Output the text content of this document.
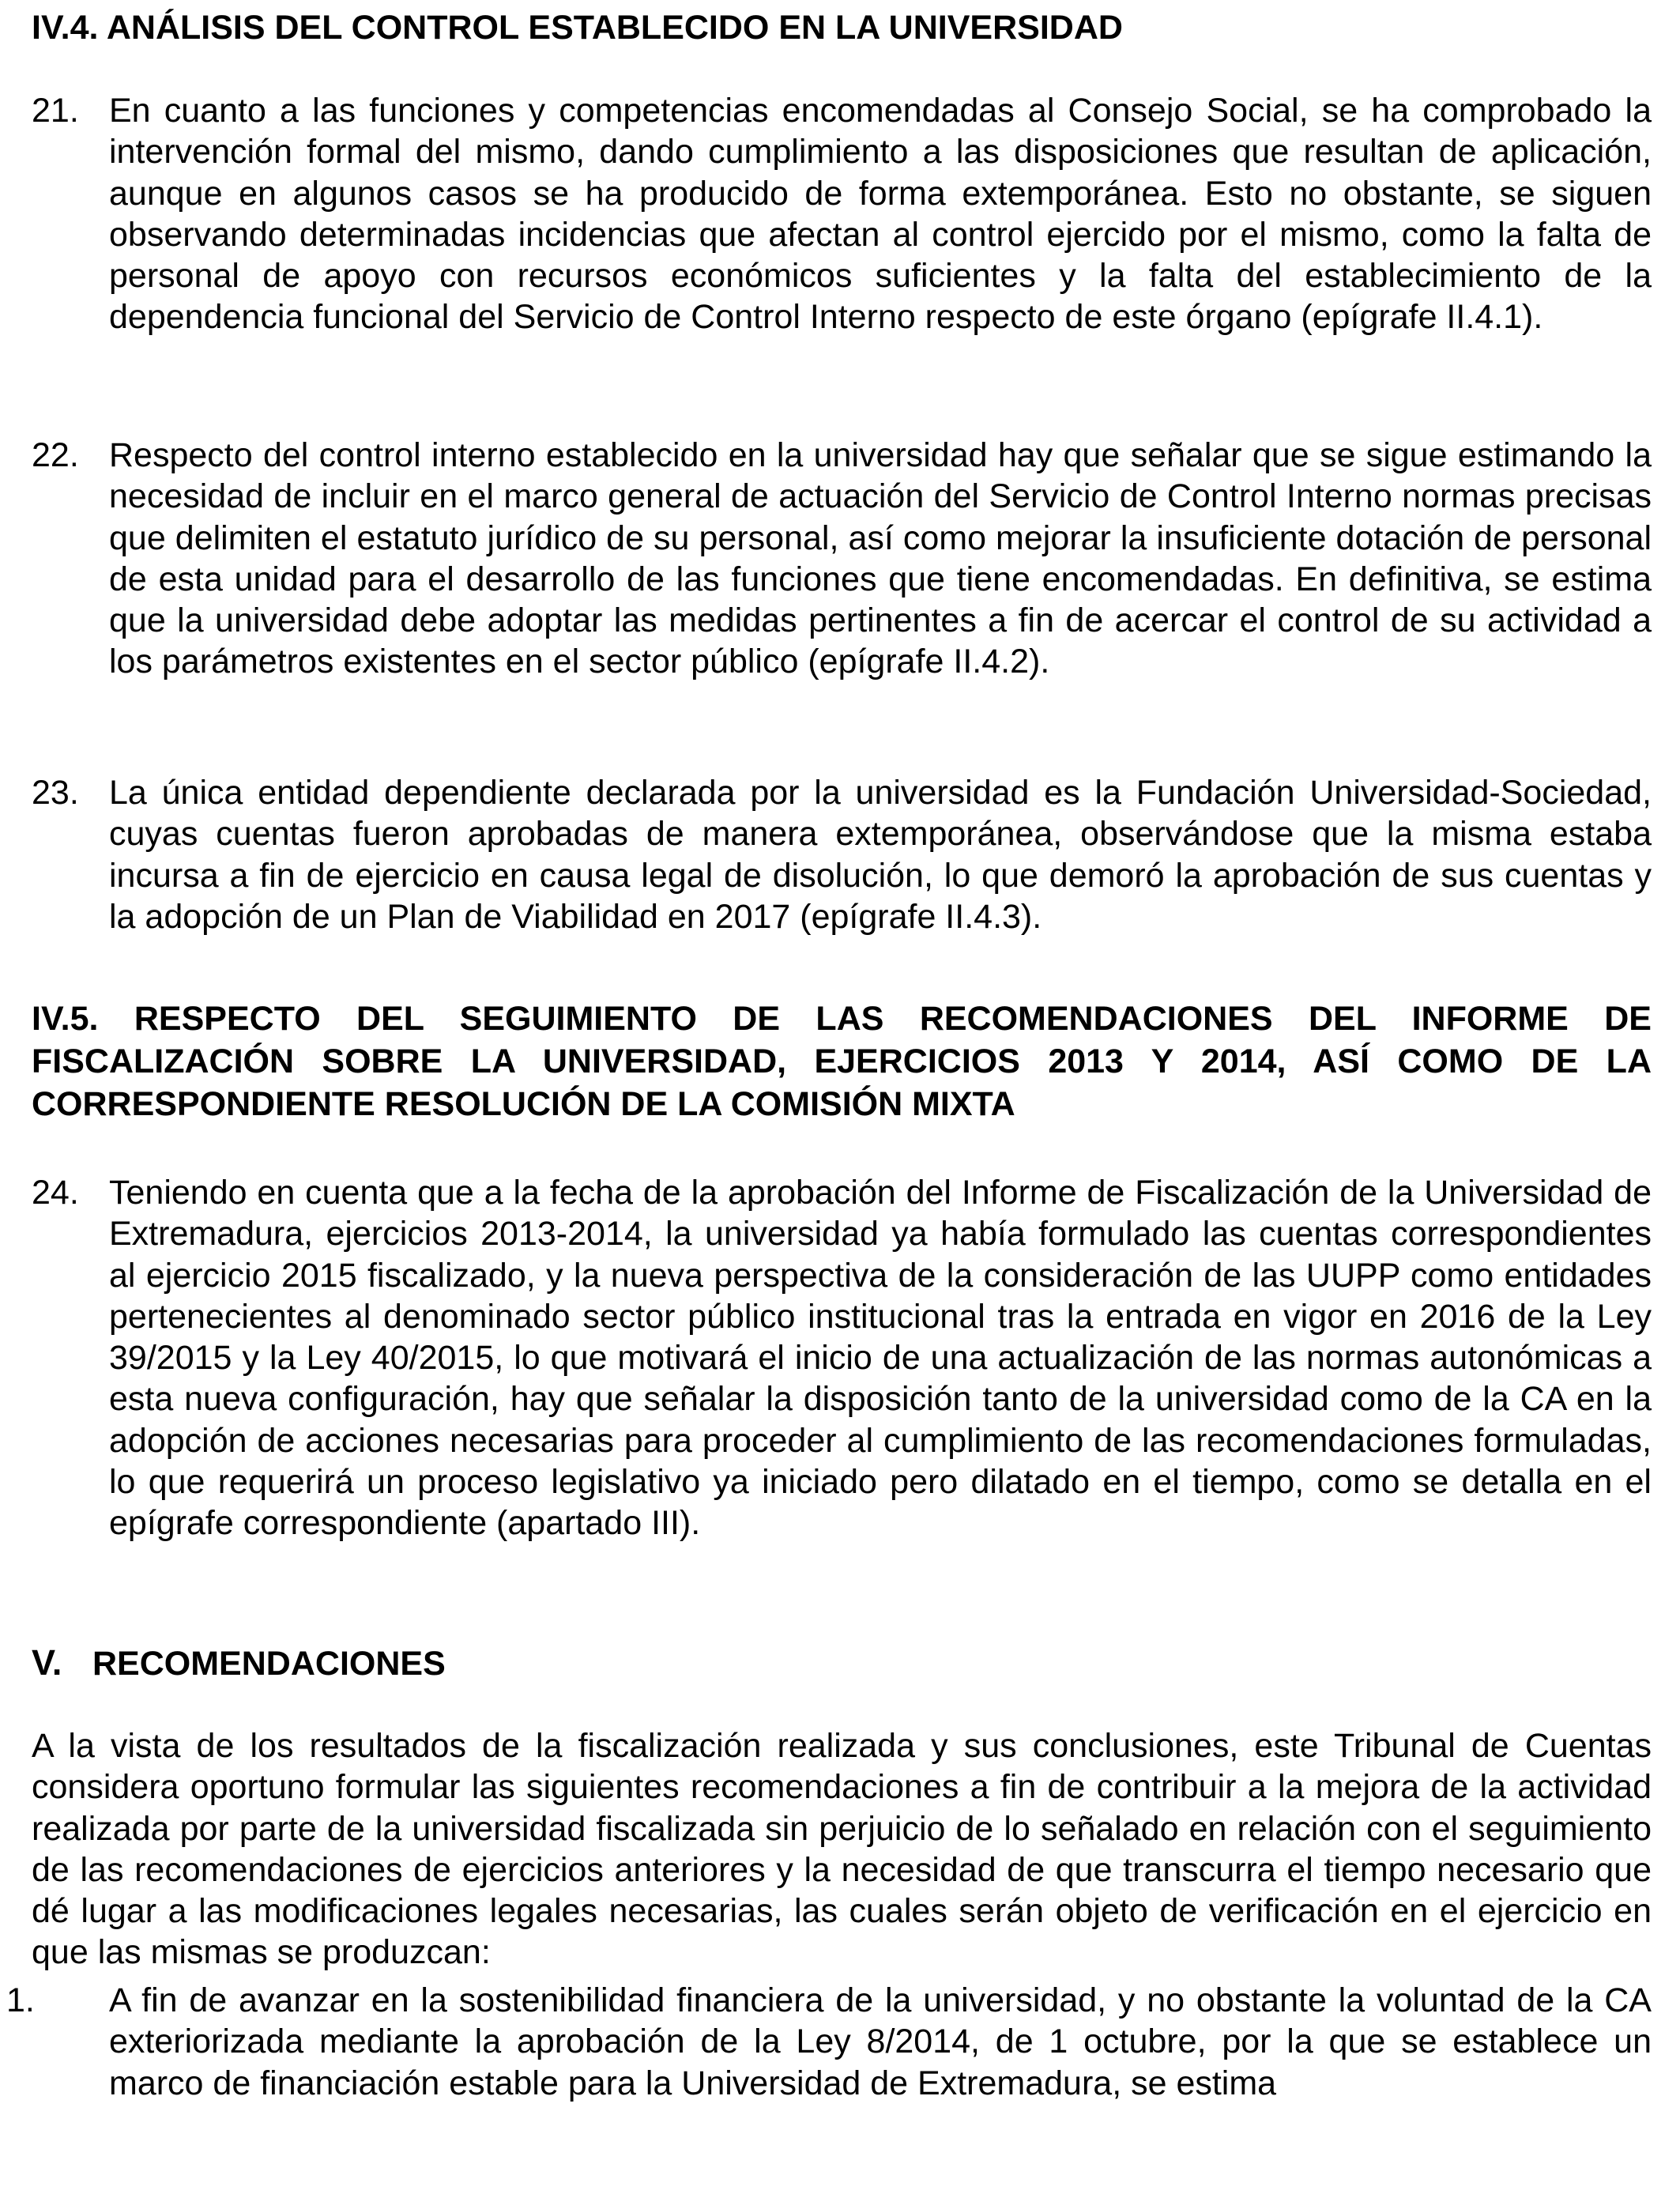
IV.4. ANÁLISIS DEL CONTROL ESTABLECIDO EN LA UNIVERSIDAD
21. En cuanto a las funciones y competencias encomendadas al Consejo Social, se ha comprobado la intervención formal del mismo, dando cumplimiento a las disposiciones que resultan de aplicación, aunque en algunos casos se ha producido de forma extemporánea. Esto no obstante, se siguen observando determinadas incidencias que afectan al control ejercido por el mismo, como la falta de personal de apoyo con recursos económicos suficientes y la falta del establecimiento de la dependencia funcional del Servicio de Control Interno respecto de este órgano (epígrafe II.4.1).

22. Respecto del control interno establecido en la universidad hay que señalar que se sigue estimando la necesidad de incluir en el marco general de actuación del Servicio de Control Interno normas precisas que delimiten el estatuto jurídico de su personal, así como mejorar la insuficiente dotación de personal de esta unidad para el desarrollo de las funciones que tiene encomendadas. En definitiva, se estima que la universidad debe adoptar las medidas pertinentes a fin de acercar el control de su actividad a los parámetros existentes en el sector público (epígrafe II.4.2).

23. La única entidad dependiente declarada por la universidad es la Fundación Universidad-Sociedad, cuyas cuentas fueron aprobadas de manera extemporánea, observándose que la misma estaba incursa a fin de ejercicio en causa legal de disolución, lo que demoró la aprobación de sus cuentas y la adopción de un Plan de Viabilidad en 2017 (epígrafe II.4.3).

IV.5. RESPECTO DEL SEGUIMIENTO DE LAS RECOMENDACIONES DEL INFORME DE FISCALIZACIÓN SOBRE LA UNIVERSIDAD, EJERCICIOS 2013 Y 2014, ASÍ COMO DE LA CORRESPONDIENTE RESOLUCIÓN DE LA COMISIÓN MIXTA
24. Teniendo en cuenta que a la fecha de la aprobación del Informe de Fiscalización de la Universidad de Extremadura, ejercicios 2013-2014, la universidad ya había formulado las cuentas correspondientes al ejercicio 2015 fiscalizado, y la nueva perspectiva de la consideración de las UUPP como entidades pertenecientes al denominado sector público institucional tras la entrada en vigor en 2016 de la Ley 39/2015 y la Ley 40/2015, lo que motivará el inicio de una actualización de las normas autonómicas a esta nueva configuración, hay que señalar la disposición tanto de la universidad como de la CA en la adopción de acciones necesarias para proceder al cumplimiento de las recomendaciones formuladas, lo que requerirá un proceso legislativo ya iniciado pero dilatado en el tiempo, como se detalla en el epígrafe correspondiente (apartado III).

V. RECOMENDACIONES

A la vista de los resultados de la fiscalización realizada y sus conclusiones, este Tribunal de Cuentas considera oportuno formular las siguientes recomendaciones a fin de contribuir a la mejora de la actividad realizada por parte de la universidad fiscalizada sin perjuicio de lo señalado en relación con el seguimiento de las recomendaciones de ejercicios anteriores y la necesidad de que transcurra el tiempo necesario que dé lugar a las modificaciones legales necesarias, las cuales serán objeto de verificación en el ejercicio en que las mismas se produzcan:

1. A fin de avanzar en la sostenibilidad financiera de la universidad, y no obstante la voluntad de la CA exteriorizada mediante la aprobación de la Ley 8/2014, de 1 octubre, por la que se establece un marco de financiación estable para la Universidad de Extremadura, se estima
